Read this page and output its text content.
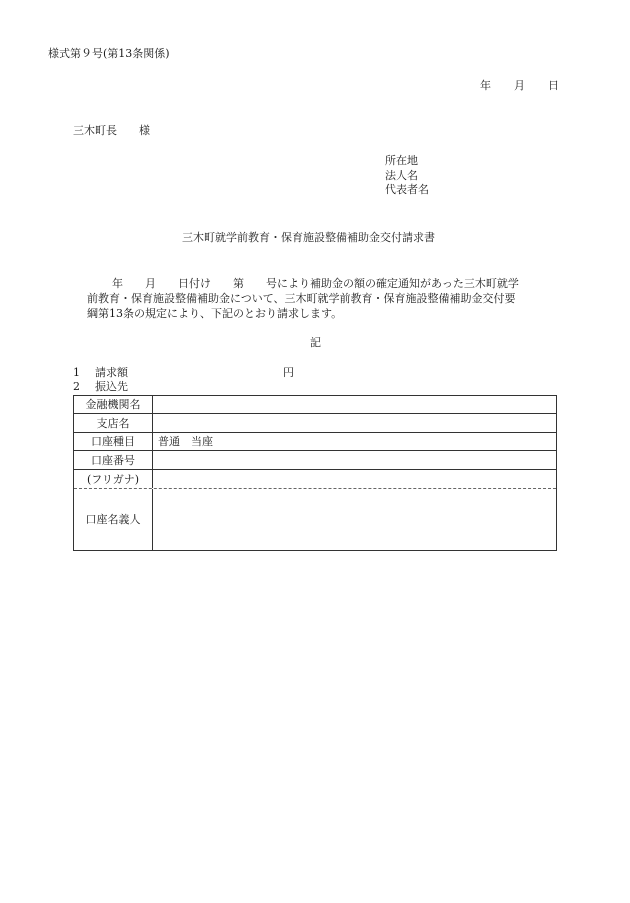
様式第９号(第13条関係)
年 月 日
三木町長　　様
所在地
法人名
代表者名
三木町就学前教育・保育施設整備補助金交付請求書
年　　月　　日付け　　第　　号により補助金の額の確定通知があった三木町就学
前教育・保育施設整備補助金について、三木町就学前教育・保育施設整備補助金交付要
綱第13条の規定により、下記のとおり請求します。
記
1 請求額	円
2 振込先
金融機関名
支店名
口座種目	普通　当座
口座番号
(フリガナ)
口座名義人
